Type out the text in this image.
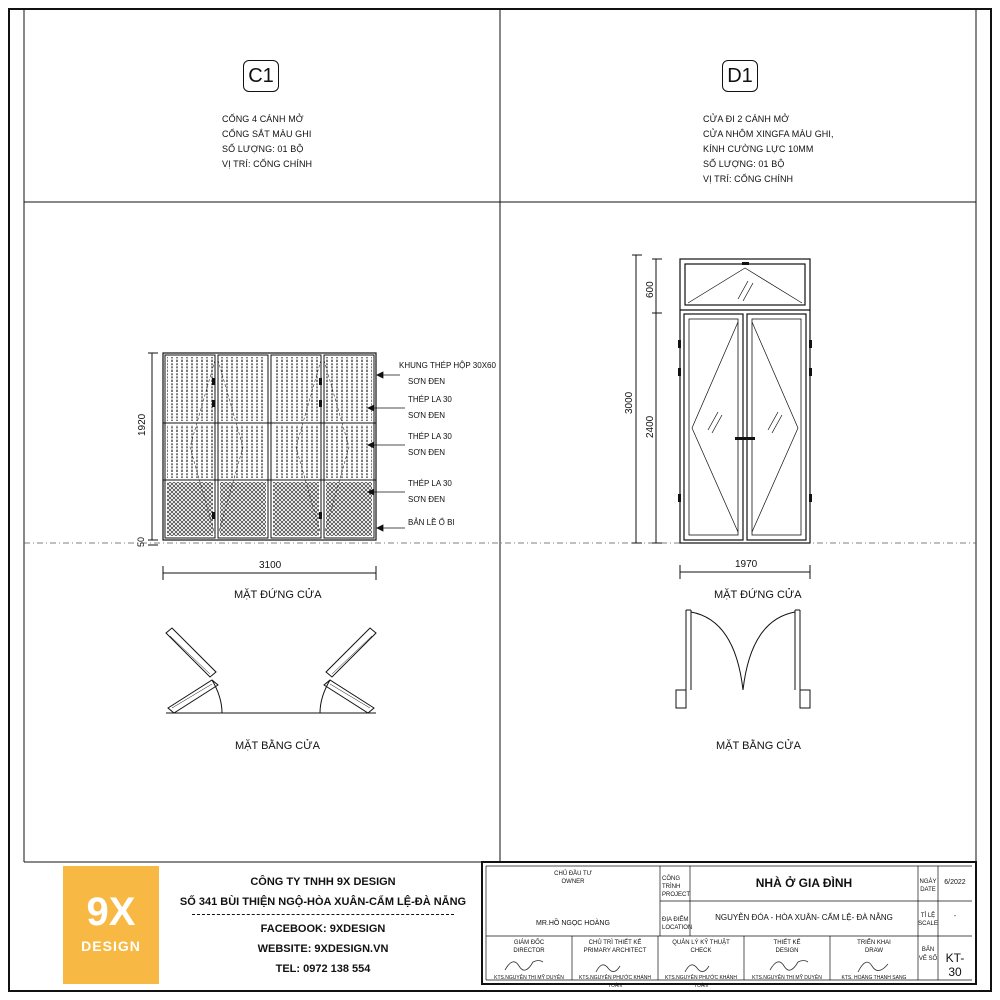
C1
CỔNG 4 CÁNH MỞ
CỔNG SẮT MÀU GHI
SỐ LƯỢNG: 01 BỘ
VỊ TRÍ: CỔNG CHÍNH
D1
CỬA ĐI 2 CÁNH MỞ
CỬA NHÔM XINGFA MÀU GHI,
KÍNH CƯỜNG LỰC 10MM
SỐ LƯỢNG: 01 BỘ
VỊ TRÍ: CỔNG CHÍNH
1920
50
3100
KHUNG THÉP HỘP 30X60
SƠN ĐEN
THÉP LA 30
SƠN ĐEN
THÉP LA 30
SƠN ĐEN
THÉP LA 30
SƠN ĐEN
BẢN LỀ Ổ BI
MẶT ĐỨNG CỬA
MẶT BẰNG CỬA
600
3000
2400
1970
MẶT ĐỨNG CỬA
MẶT BẰNG CỬA
9X
DESIGN
CÔNG TY TNHH 9X DESIGN
SỐ 341 BÙI THIỆN NGỘ-HÒA XUÂN-CẨM LỆ-ĐÀ NẴNG
FACEBOOK: 9XDESIGN
WEBSITE: 9XDESIGN.VN
TEL: 0972 138 554
CHỦ ĐẦU TƯ
OWNER
MR.HỒ NGỌC HOÀNG
CÔNG TRÌNH
PROJECT
NHÀ Ở GIA ĐÌNH
ĐỊA ĐIỂM
LOCATION
NGUYỄN ĐÓA - HÒA XUÂN- CẨM LỆ- ĐÀ NẴNG
NGÀY
DATE
6/2022
TỈ LỆ
SCALE
-
BẢN VẼ SỐ KT- 30
GIÁM ĐỐC
DIRECTOR
KTS.NGUYỄN THỊ MỸ DUYÊN
CHỦ TRÌ THIẾT KẾ
PRIMARY ARCHITECT
KTS.NGUYỄN PHƯỚC KHÁNH TOÀN
QUẢN LÝ KỸ THUẬT
CHECK
KTS.NGUYỄN PHƯỚC KHÁNH TOÀN
THIẾT KẾ
DESIGN
KTS.NGUYỄN THỊ MỸ DUYÊN
TRIỂN KHAI
DRAW
KTS. HOÀNG THANH SANG
